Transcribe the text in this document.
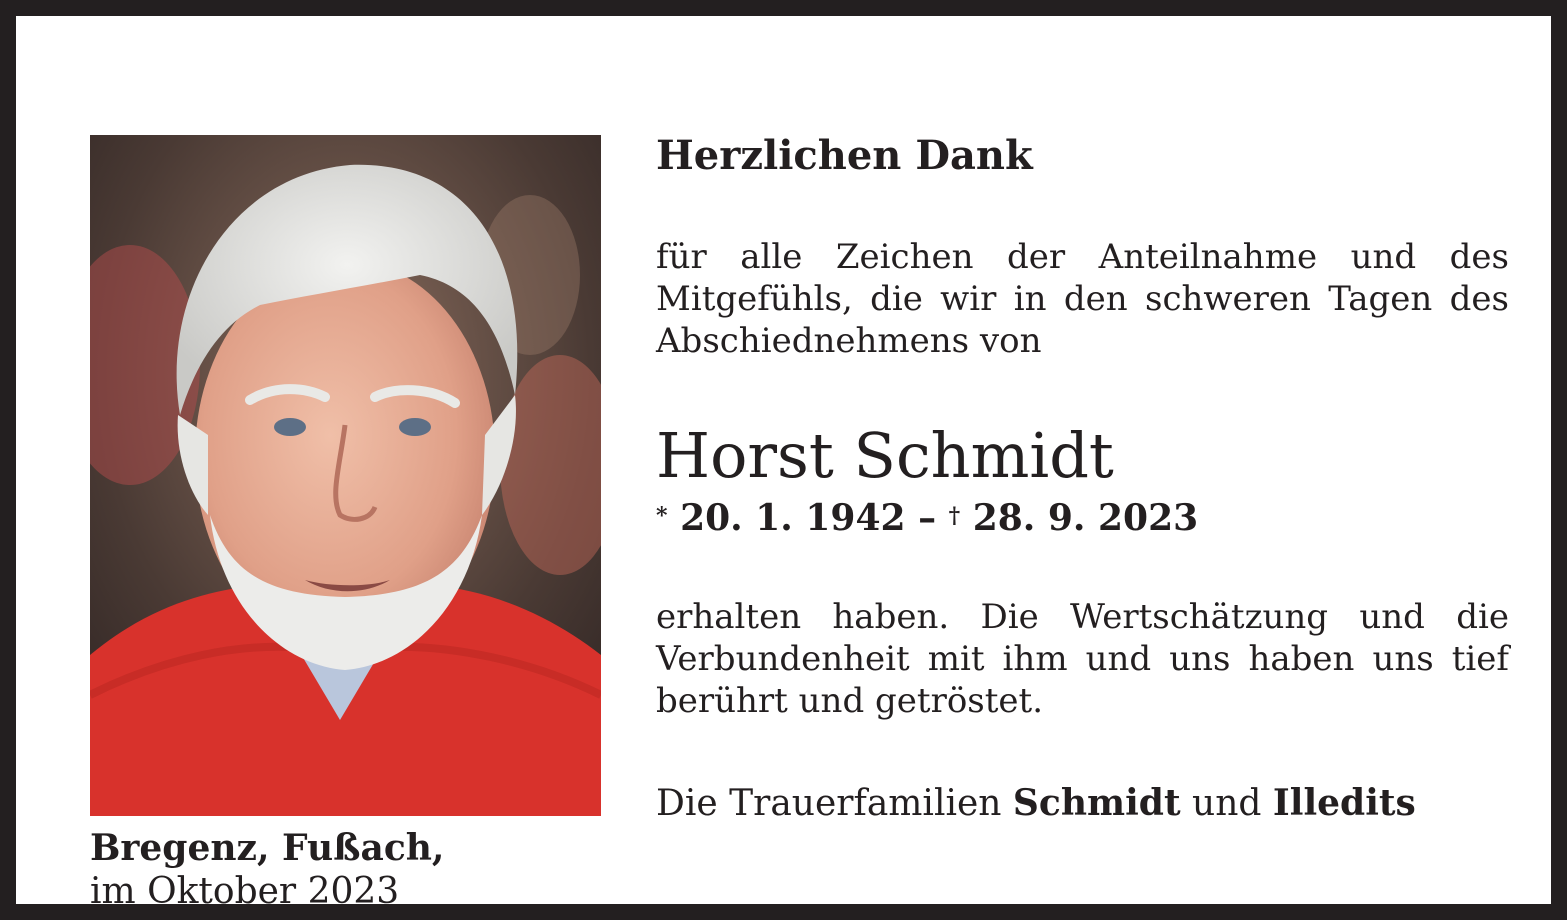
Bregenz, Fußach,
im Oktober 2023
Herzlichen Dank

für alle Zeichen der Anteilnahme und des Mitgefühls, die wir in den schweren Tagen des Abschiednehmens von

Horst Schmidt
* 20. 1. 1942 – † 28. 9. 2023

erhalten haben. Die Wertschätzung und die Verbundenheit mit ihm und uns haben uns tief berührt und getröstet.

Die Trauerfamilien Schmidt und Illedits
